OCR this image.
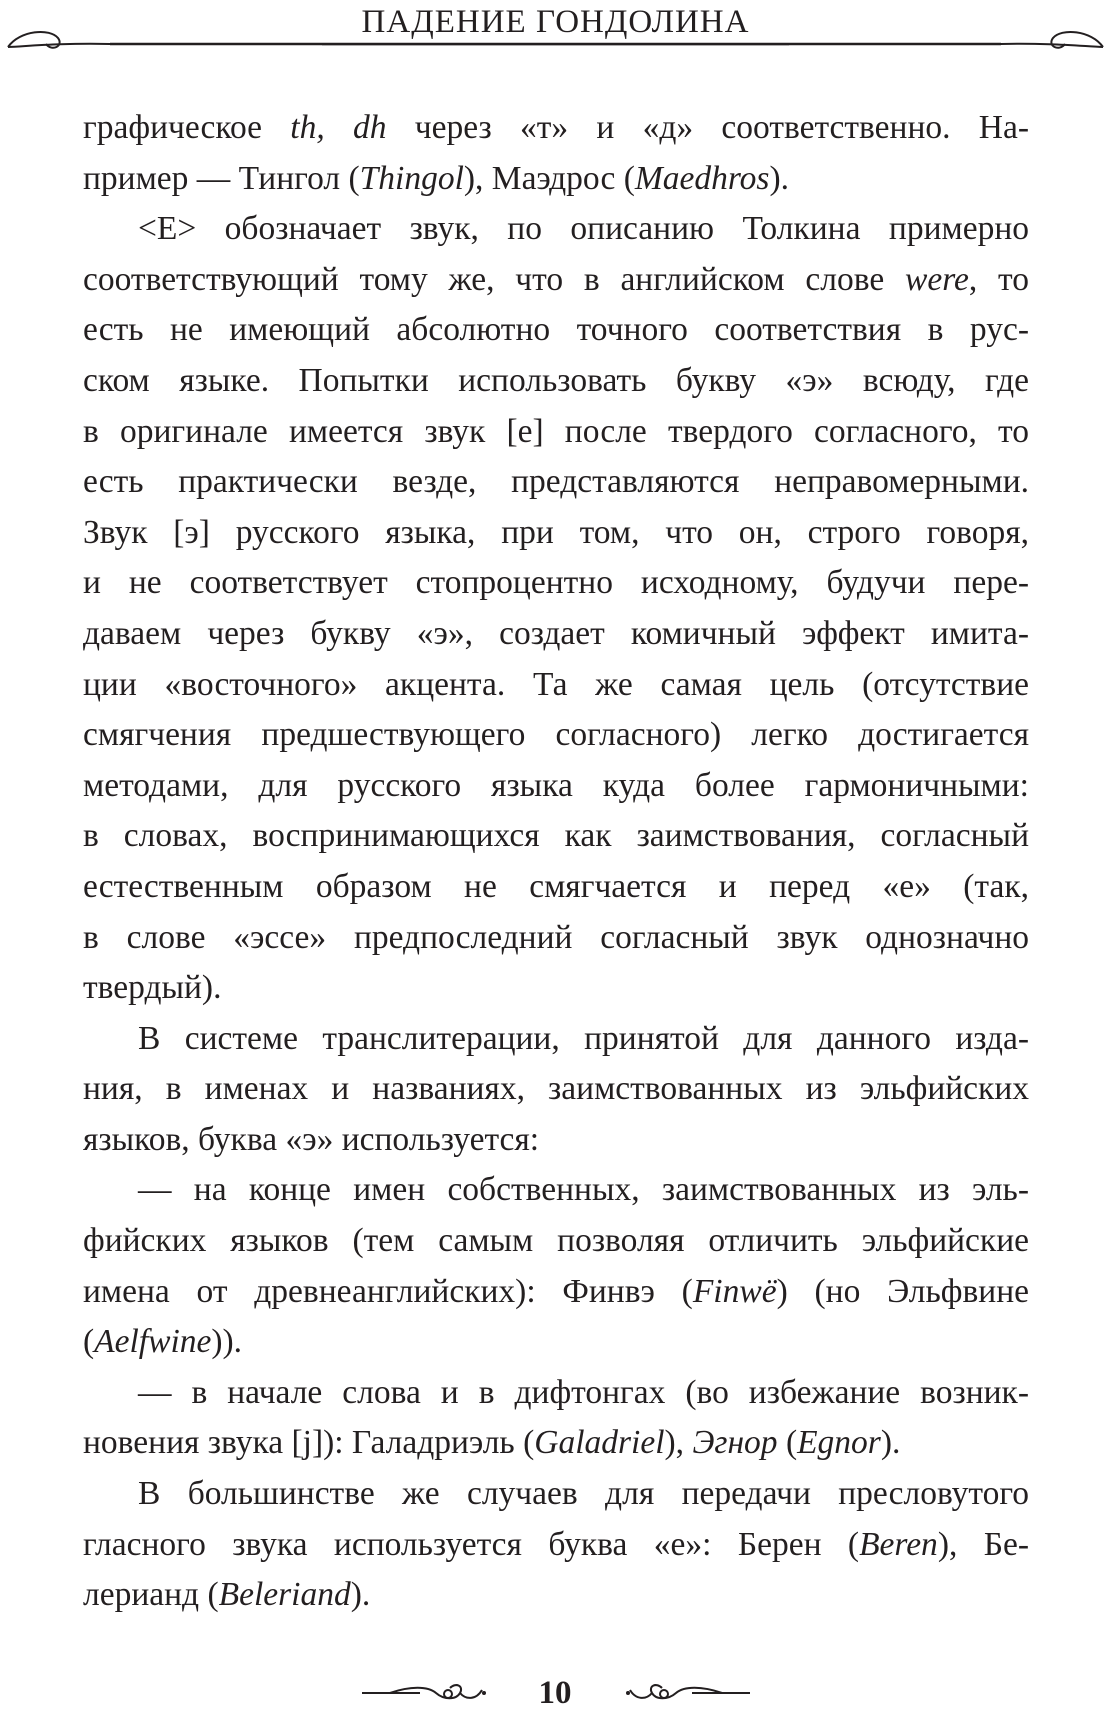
ПАДЕНИЕ ГОНДОЛИНА
графическое th, dh через «т» и «д» соответственно. На-
пример — Тингол (Thingol), Маэдрос (Maedhros).
<Е> обозначает звук, по описанию Толкина примерно
соответствующий тому же, что в английском слове were, то
есть не имеющий абсолютно точного соответствия в рус-
ском языке. Попытки использовать букву «э» всюду, где
в оригинале имеется звук [е] после твердого согласного, то
есть практически везде, представляются неправомерными.
Звук [э] русского языка, при том, что он, строго говоря,
и не соответствует стопроцентно исходному, будучи пере-
даваем через букву «э», создает комичный эффект имита-
ции «восточного» акцента. Та же самая цель (отсутствие
смягчения предшествующего согласного) легко достигается
методами, для русского языка куда более гармоничными:
в словах, воспринимающихся как заимствования, согласный
естественным образом не смягчается и перед «е» (так,
в слове «эссе» предпоследний согласный звук однозначно
твердый).
В системе транслитерации, принятой для данного изда-
ния, в именах и названиях, заимствованных из эльфийских
языков, буква «э» используется:
— на конце имен собственных, заимствованных из эль-
фийских языков (тем самым позволяя отличить эльфийские
имена от древнеанглийских): Финвэ (Finwë) (но Эльфвине
(Aelfwine)).
— в начале слова и в дифтонгах (во избежание возник-
новения звука [j]): Галадриэль (Galadriel), Эгнор (Egnor).
В большинстве же случаев для передачи пресловутого
гласного звука используется буква «е»: Берен (Beren), Бе-
лерианд (Beleriand).
10
